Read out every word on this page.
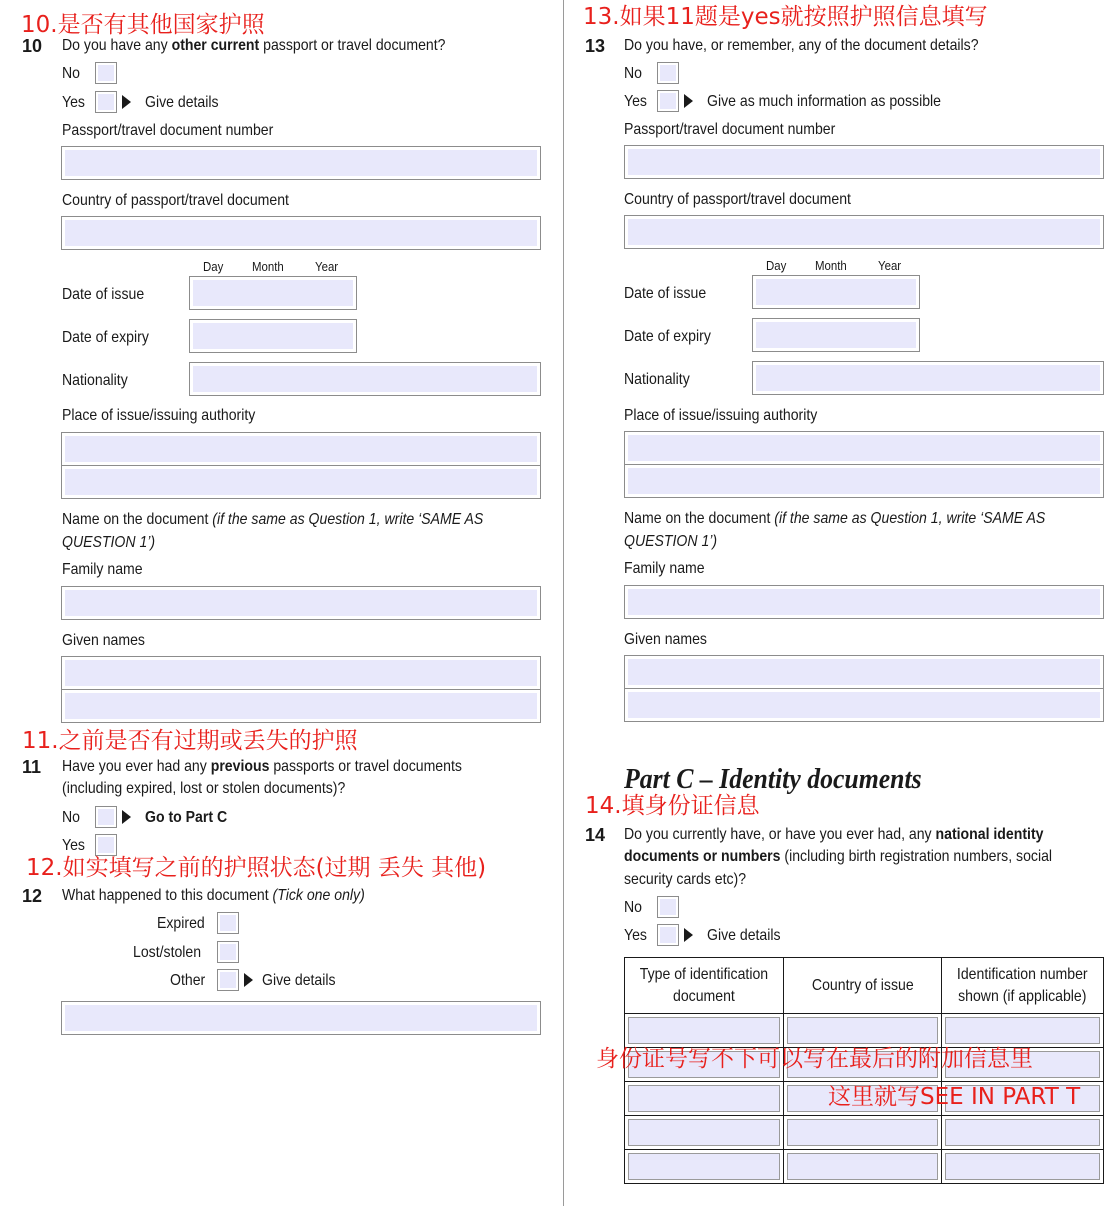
10.是否有其他国家护照
10 Do you have any other current passport or travel document?
No
Yes	Give details
Passport/travel document number
Country of passport/travel document
Day Month Year
Date of issue
Date of expiry
Nationality
Place of issue/issuing authority
Name on the document (if the same as Question 1, write ‘SAME AS
QUESTION 1’)
Family name
Given names
11.之前是否有过期或丢失的护照
11 Have you ever had any previous passports or travel documents
(including expired, lost or stolen documents)?
No	Go to Part C
Yes
12.如实填写之前的护照状态(过期 丢失 其他)
12 What happened to this document (Tick one only)
Expired
Lost/stolen
Other	Give details
13.如果11题是yes就按照护照信息填写
13 Do you have, or remember, any of the document details?
No
Yes	Give as much information as possible
Passport/travel document number
Country of passport/travel document
Day Month Year
Date of issue
Date of expiry
Nationality
Place of issue/issuing authority
Name on the document (if the same as Question 1, write ‘SAME AS
QUESTION 1’)
Family name
Given names
Part C – Identity documents
14.填身份证信息
14 Do you currently have, or have you ever had, any national identity
documents or numbers (including birth registration numbers, social
security cards etc)?
No
Yes	Give details
Type of identification
document	Country of issue	Identification number
shown (if applicable)

身份证号写不下可以写在最后的附加信息里
这里就写SEE IN PART T
